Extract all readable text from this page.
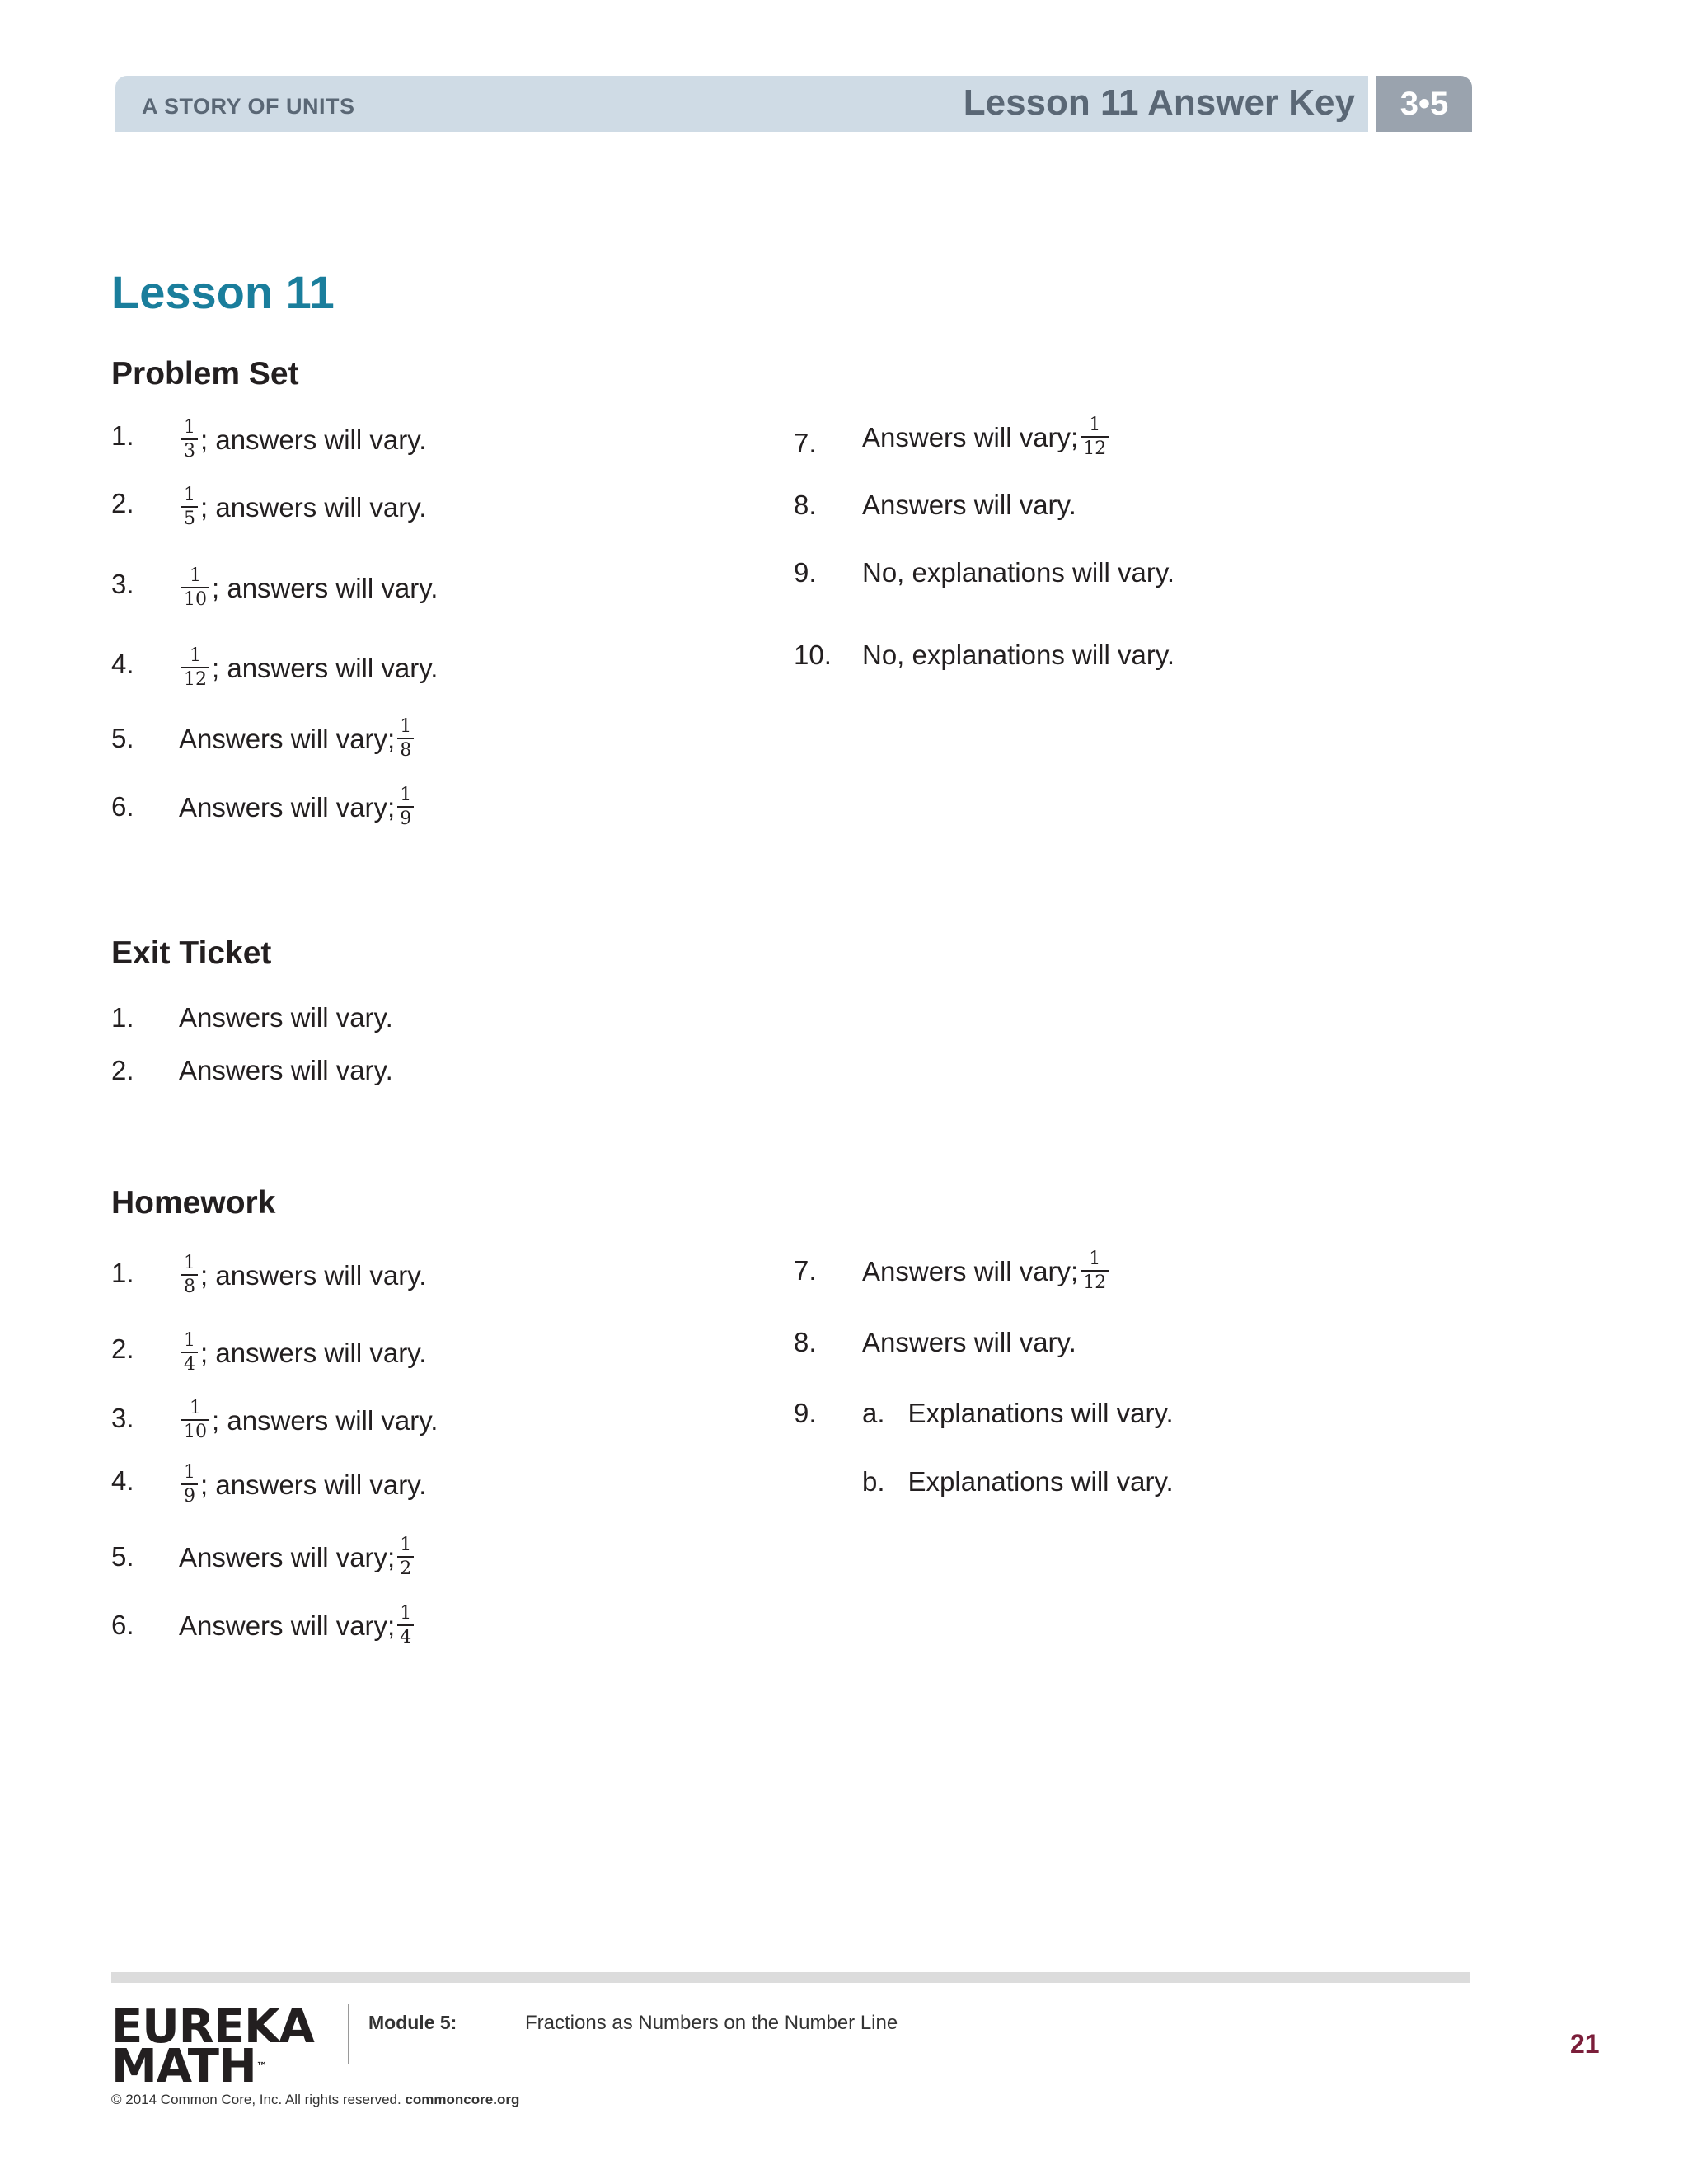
A STORY OF UNITS	Lesson 11 Answer Key	3•5
Lesson 11
Problem Set
1.	$\frac{1}{3}$ ; answers will vary.
2.	$\frac{1}{5}$ ; answers will vary.
3.	$\frac{1}{10}$ ; answers will vary.
4.	$\frac{1}{12}$ ; answers will vary.
5. Answers will vary; $\frac{1}{8}$
6. Answers will vary; $\frac{1}{9}$
7. Answers will vary; $\frac{1}{12}$
8. Answers will vary.
9. No, explanations will vary.
10. No, explanations will vary.
Exit Ticket
1. Answers will vary.
2. Answers will vary.
Homework
1.	$\frac{1}{8}$ ; answers will vary.
2.	$\frac{1}{4}$ ; answers will vary.
3.	$\frac{1}{10}$ ; answers will vary.
4.	$\frac{1}{9}$ ; answers will vary.
5. Answers will vary; $\frac{1}{2}$
6. Answers will vary; $\frac{1}{4}$
7. Answers will vary; $\frac{1}{12}$
8. Answers will vary.
9. a. Explanations will vary.
b. Explanations will vary.
EUREKA
MATH™
Module 5:	Fractions as Numbers on the Number Line
© 2014 Common Core, Inc. All rights reserved. commoncore.org
21
